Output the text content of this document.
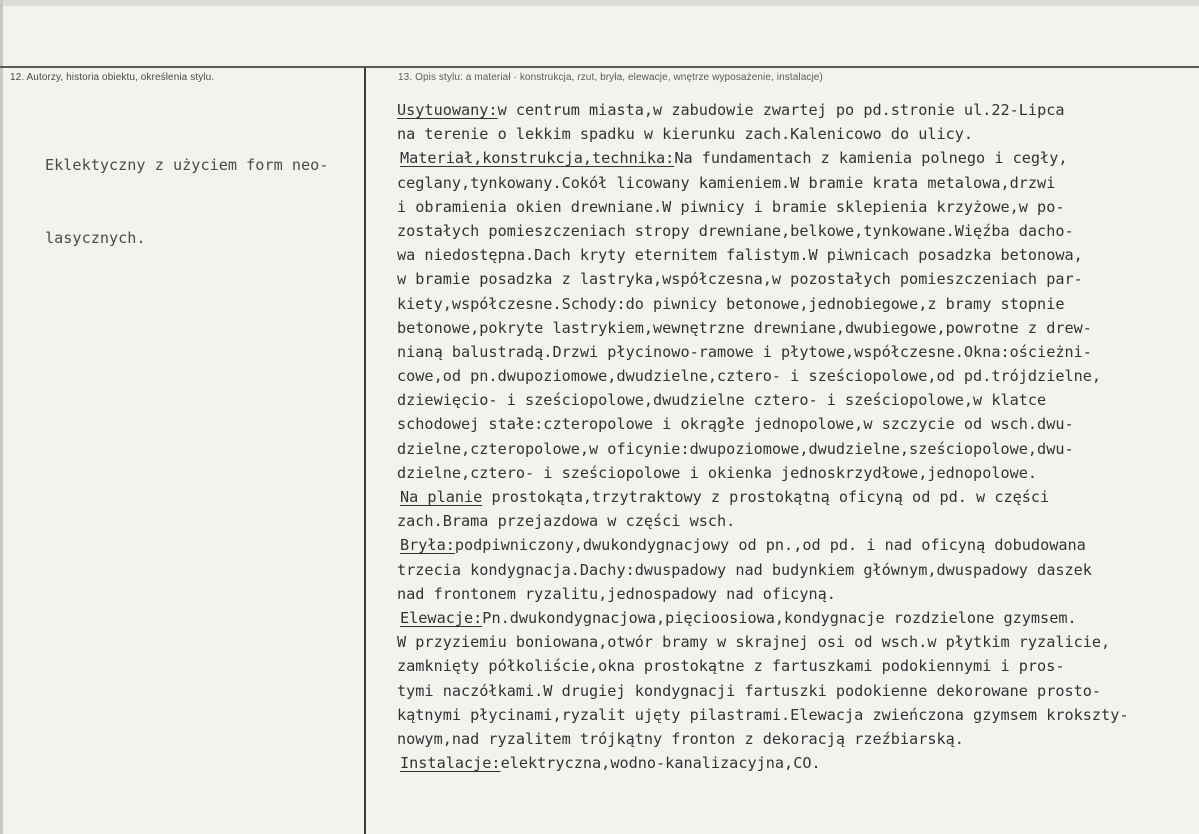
12. Autorzy, historia obiektu, określenia stylu.	13. Opis stylu: a materiał · konstrukcja, rzut, bryła, elewacje, wnętrze wyposażenie, instalacje)

Eklektyczny z użyciem form neo-

lasycznych.

Usytuowany:w centrum miasta,w zabudowie zwartej po pd.stronie ul.22-Lipca
na terenie o lekkim spadku w kierunku zach.Kalenicowo do ulicy.
Materiał,konstrukcja,technika:Na fundamentach z kamienia polnego i cegły,
ceglany,tynkowany.Cokół licowany kamieniem.W bramie krata metalowa,drzwi
i obramienia okien drewniane.W piwnicy i bramie sklepienia krzyżowe,w po-
zostałych pomieszczeniach stropy drewniane,belkowe,tynkowane.Więźba dacho-
wa niedostępna.Dach kryty eternitem falistym.W piwnicach posadzka betonowa,
w bramie posadzka z lastryka,współczesna,w pozostałych pomieszczeniach par-
kiety,współczesne.Schody:do piwnicy betonowe,jednobiegowe,z bramy stopnie
betonowe,pokryte lastrykiem,wewnętrzne drewniane,dwubiegowe,powrotne z drew-
nianą balustradą.Drzwi płycinowo-ramowe i płytowe,współczesne.Okna:ościeżni-
cowe,od pn.dwupoziomowe,dwudzielne,cztero- i sześciopolowe,od pd.trójdzielne,
dziewięcio- i sześciopolowe,dwudzielne cztero- i sześciopolowe,w klatce
schodowej stałe:czteropolowe i okrągłe jednopolowe,w szczycie od wsch.dwu-
dzielne,czteropolowe,w oficynie:dwupoziomowe,dwudzielne,sześciopolowe,dwu-
dzielne,cztero- i sześciopolowe i okienka jednoskrzydłowe,jednopolowe.
Na planie prostokąta,trzytraktowy z prostokątną oficyną od pd. w części
zach.Brama przejazdowa w części wsch.
Bryła:podpiwniczony,dwukondygnacjowy od pn.,od pd. i nad oficyną dobudowana
trzecia kondygnacja.Dachy:dwuspadowy nad budynkiem głównym,dwuspadowy daszek
nad frontonem ryzalitu,jednospadowy nad oficyną.
Elewacje:Pn.dwukondygnacjowa,pięcioosiowa,kondygnacje rozdzielone gzymsem.
W przyziemiu boniowana,otwór bramy w skrajnej osi od wsch.w płytkim ryzalicie,
zamknięty półkoliście,okna prostokątne z fartuszkami podokiennymi i pros-
tymi naczółkami.W drugiej kondygnacji fartuszki podokienne dekorowane prosto-
kątnymi płycinami,ryzalit ujęty pilastrami.Elewacja zwieńczona gzymsem kroksztу-
nowym,nad ryzalitem trójkątny fronton z dekoracją rzeźbiarską.
Instalacje:elektryczna,wodno-kanalizacyjna,CO.
